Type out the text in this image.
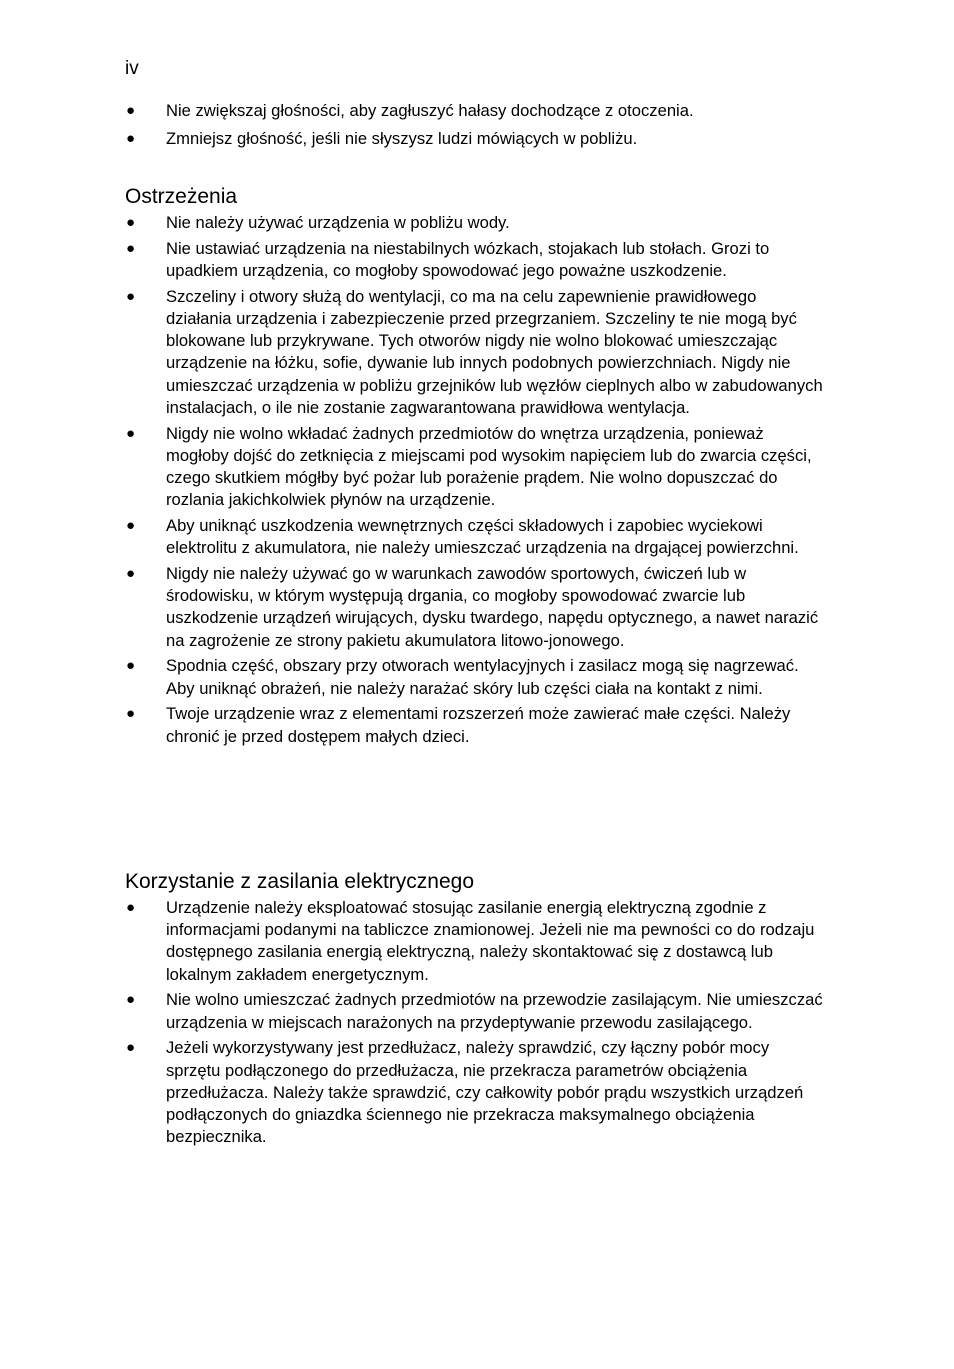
iv
● Nie zwiększaj głośności, aby zagłuszyć hałasy dochodzące z otoczenia.
● Zmniejsz głośność, jeśli nie słyszysz ludzi mówiących w pobliżu.
Ostrzeżenia
● Nie należy używać urządzenia w pobliżu wody.
● Nie ustawiać urządzenia na niestabilnych wózkach, stojakach lub stołach. Grozi to upadkiem urządzenia, co mogłoby spowodować jego poważne uszkodzenie.
● Szczeliny i otwory służą do wentylacji, co ma na celu zapewnienie prawidłowego działania urządzenia i zabezpieczenie przed przegrzaniem. Szczeliny te nie mogą być blokowane lub przykrywane. Tych otworów nigdy nie wolno blokować umieszczając urządzenie na łóżku, sofie, dywanie lub innych podobnych powierzchniach. Nigdy nie umieszczać urządzenia w pobliżu grzejników lub węzłów cieplnych albo w zabudowanych instalacjach, o ile nie zostanie zagwarantowana prawidłowa wentylacja.
● Nigdy nie wolno wkładać żadnych przedmiotów do wnętrza urządzenia, ponieważ mogłoby dojść do zetknięcia z miejscami pod wysokim napięciem lub do zwarcia części, czego skutkiem mógłby być pożar lub porażenie prądem. Nie wolno dopuszczać do rozlania jakichkolwiek płynów na urządzenie.
● Aby uniknąć uszkodzenia wewnętrznych części składowych i zapobiec wyciekowi elektrolitu z akumulatora, nie należy umieszczać urządzenia na drgającej powierzchni.
● Nigdy nie należy używać go w warunkach zawodów sportowych, ćwiczeń lub w środowisku, w którym występują drgania, co mogłoby spowodować zwarcie lub uszkodzenie urządzeń wirujących, dysku twardego, napędu optycznego, a nawet narazić na zagrożenie ze strony pakietu akumulatora litowo-jonowego.
● Spodnia część, obszary przy otworach wentylacyjnych i zasilacz mogą się nagrzewać. Aby uniknąć obrażeń, nie należy narażać skóry lub części ciała na kontakt z nimi.
● Twoje urządzenie wraz z elementami rozszerzeń może zawierać małe części. Należy chronić je przed dostępem małych dzieci.
Korzystanie z zasilania elektrycznego
● Urządzenie należy eksploatować stosując zasilanie energią elektryczną zgodnie z informacjami podanymi na tabliczce znamionowej. Jeżeli nie ma pewności co do rodzaju dostępnego zasilania energią elektryczną, należy skontaktować się z dostawcą lub lokalnym zakładem energetycznym.
● Nie wolno umieszczać żadnych przedmiotów na przewodzie zasilającym. Nie umieszczać urządzenia w miejscach narażonych na przydeptywanie przewodu zasilającego.
● Jeżeli wykorzystywany jest przedłużacz, należy sprawdzić, czy łączny pobór mocy sprzętu podłączonego do przedłużacza, nie przekracza parametrów obciążenia przedłużacza. Należy także sprawdzić, czy całkowity pobór prądu wszystkich urządzeń podłączonych do gniazdka ściennego nie przekracza maksymalnego obciążenia bezpiecznika.
